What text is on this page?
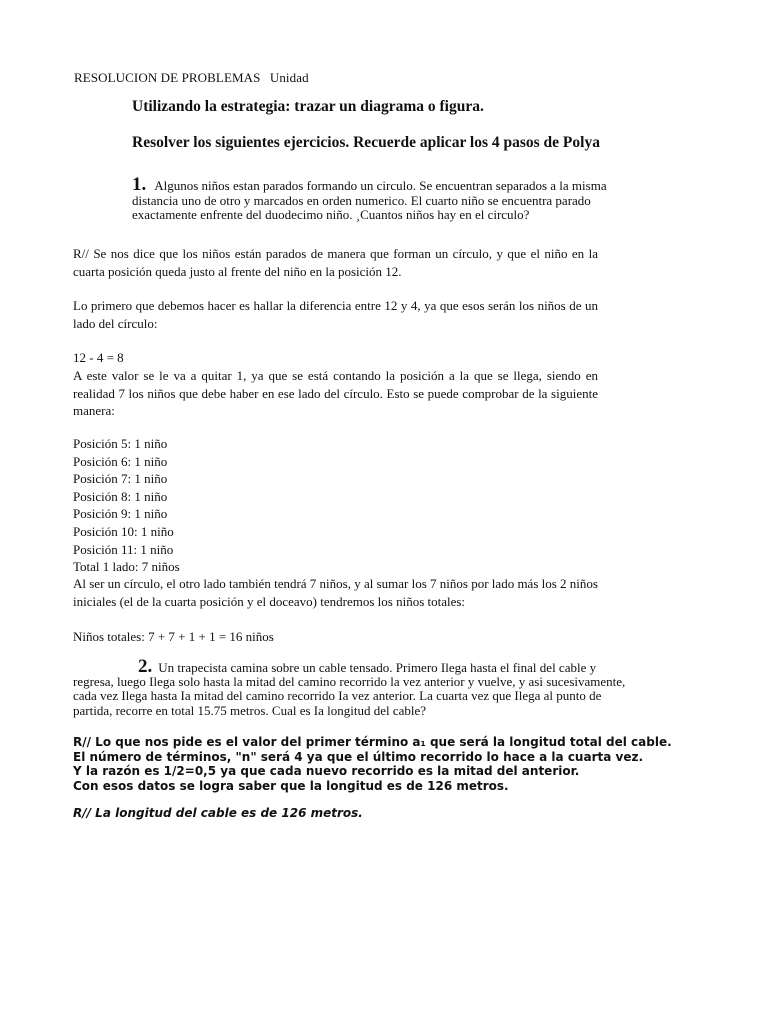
RESOLUCION DE PROBLEMAS Unidad
Utilizando la estrategia: trazar un diagrama o figura.
Resolver los siguientes ejercicios. Recuerde aplicar los 4 pasos de Polya
1. Algunos niños estan parados formando un circulo. Se encuentran separados a la misma
distancia uno de otro y marcados en orden numerico. El cuarto niño se encuentra parado
exactamente enfrente del duodecimo niño. ¸Cuantos niños hay en el circulo?
R// Se nos dice que los niños están parados de manera que forman un círculo, y que el niño en la cuarta posición queda justo al frente del niño en la posición 12.
Lo primero que debemos hacer es hallar la diferencia entre 12 y 4, ya que esos serán los niños de un lado del círculo:
12 - 4 = 8
A este valor se le va a quitar 1, ya que se está contando la posición a la que se llega, siendo en realidad 7 los niños que debe haber en ese lado del círculo. Esto se puede comprobar de la siguiente manera:
Posición 5: 1 niño
Posición 6: 1 niño
Posición 7: 1 niño
Posición 8: 1 niño
Posición 9: 1 niño
Posición 10: 1 niño
Posición 11: 1 niño
Total 1 lado: 7 niños
Al ser un círculo, el otro lado también tendrá 7 niños, y al sumar los 7 niños por lado más los 2 niños iniciales (el de la cuarta posición y el doceavo) tendremos los niños totales:
Niños totales: 7 + 7 + 1 + 1 = 16 niños
2. Un trapecista camina sobre un cable tensado. Primero Ilega hasta el final del cable y
regresa, luego Ilega solo hasta la mitad del camino recorrido la vez anterior y vuelve, y asi sucesivamente,
cada vez Ilega hasta Ia mitad del camino recorrido Ia vez anterior. La cuarta vez que Ilega al punto de
partida, recorre en total 15.75 metros. Cual es Ia longitud del cable?
R// Lo que nos pide es el valor del primer término a₁ que será la longitud total del cable.
El número de términos, "n" será 4 ya que el último recorrido lo hace a la cuarta vez.
Y la razón es 1/2=0,5 ya que cada nuevo recorrido es la mitad del anterior.
Con esos datos se logra saber que la longitud es de 126 metros.
R// La longitud del cable es de 126 metros.
